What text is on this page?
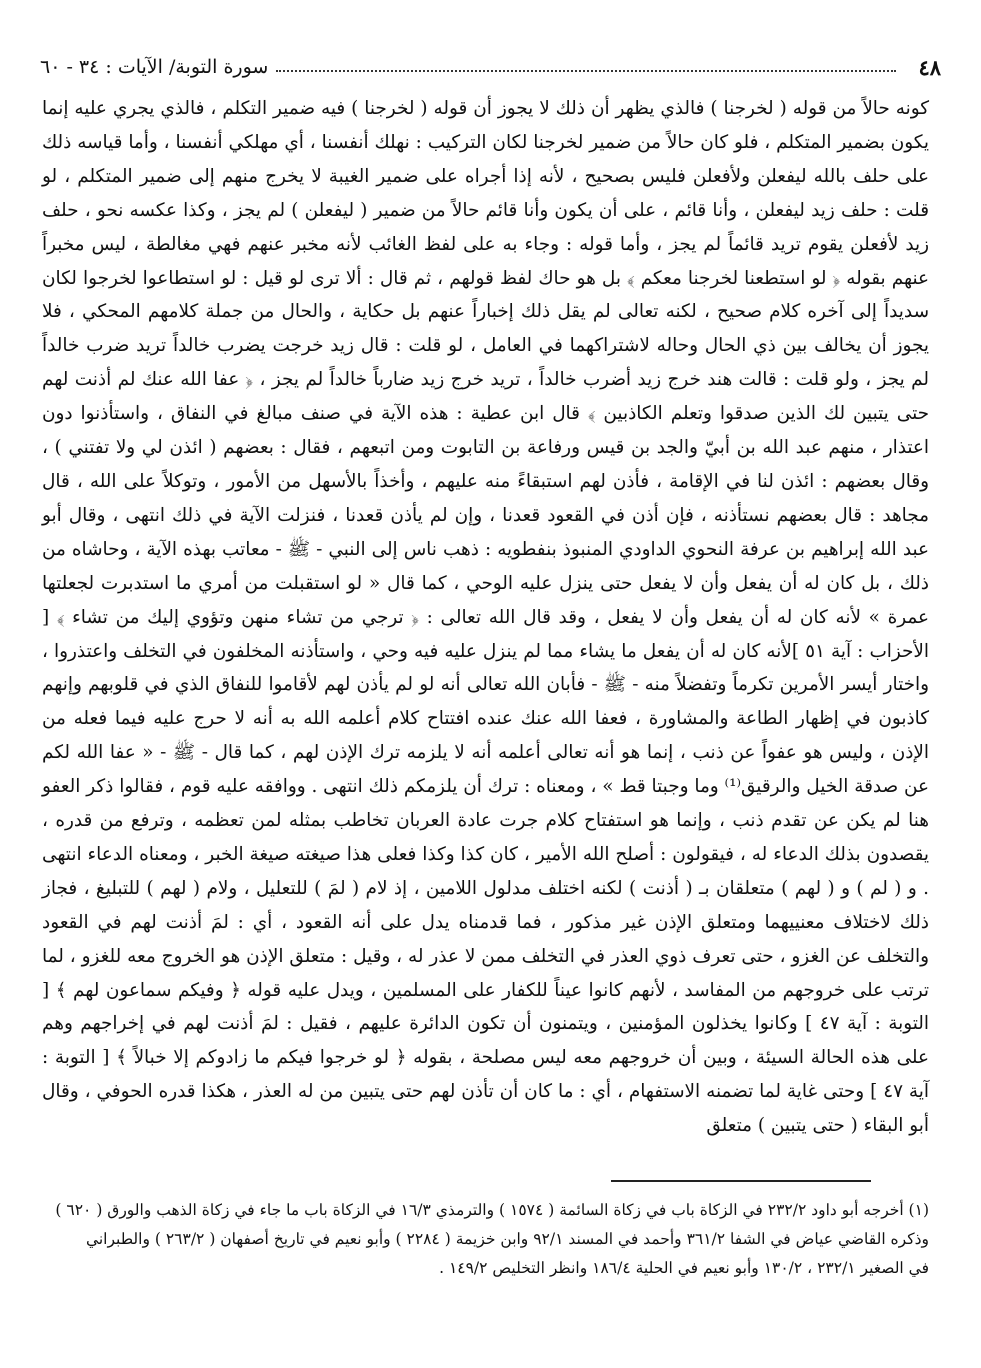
٤٨
سورة التوبة/ الآيات : ٣٤ - ٦٠

كونه حالاً من قوله ( لخرجنا ) فالذي يظهر أن ذلك لا يجوز أن قوله ( لخرجنا ) فيه ضمير التكلم ، فالذي يجري عليه إنما يكون بضمير المتكلم ، فلو كان حالاً من ضمير لخرجنا لكان التركيب : نهلك أنفسنا ، أي مهلكي أنفسنا ، وأما قياسه ذلك على حلف بالله ليفعلن ولأفعلن فليس بصحيح ، لأنه إذا أجراه على ضمير الغيبة لا يخرج منهم إلى ضمير المتكلم ، لو قلت : حلف زيد ليفعلن ، وأنا قائم ، على أن يكون وأنا قائم حالاً من ضمير ( ليفعلن ) لم يجز ، وكذا عكسه نحو ، حلف زيد لأفعلن يقوم تريد قائماً لم يجز ، وأما قوله : وجاء به على لفظ الغائب لأنه مخبر عنهم فهي مغالطة ، ليس مخبراً عنهم بقوله ﴿ لو استطعنا لخرجنا معكم ﴾ بل هو حاك لفظ قولهم ، ثم قال : ألا ترى لو قيل : لو استطاعوا لخرجوا لكان سديداً إلى آخره كلام صحيح ، لكنه تعالى لم يقل ذلك إخباراً عنهم بل حكاية ، والحال من جملة كلامهم المحكي ، فلا يجوز أن يخالف بين ذي الحال وحاله لاشتراكهما في العامل ، لو قلت : قال زيد خرجت يضرب خالداً تريد ضرب خالداً لم يجز ، ولو قلت : قالت هند خرج زيد أضرب خالداً ، تريد خرج زيد ضارباً خالداً لم يجز ، ﴿ عفا الله عنك لم أذنت لهم حتى يتبين لك الذين صدقوا وتعلم الكاذبين ﴾ قال ابن عطية : هذه الآية في صنف مبالغ في النفاق ، واستأذنوا دون اعتذار ، منهم عبد الله بن أبيّ والجد بن قيس ورفاعة بن التابوت ومن اتبعهم ، فقال : بعضهم ( ائذن لي ولا تفتني ) ، وقال بعضهم : ائذن لنا في الإقامة ، فأذن لهم استبقاءً منه عليهم ، وأخذاً بالأسهل من الأمور ، وتوكلاً على الله ، قال مجاهد : قال بعضهم نستأذنه ، فإن أذن في القعود قعدنا ، وإن لم يأذن قعدنا ، فنزلت الآية في ذلك انتهى ، وقال أبو عبد الله إبراهيم بن عرفة النحوي الداودي المنبوذ بنفطويه : ذهب ناس إلى النبي - ﷺ - معاتب بهذه الآية ، وحاشاه من ذلك ، بل كان له أن يفعل وأن لا يفعل حتى ينزل عليه الوحي ، كما قال « لو استقبلت من أمري ما استدبرت لجعلتها عمرة » لأنه كان له أن يفعل وأن لا يفعل ، وقد قال الله تعالى : ﴿ ترجي من تشاء منهن وتؤوي إليك من تشاء ﴾ [ الأحزاب : آية ٥١ ]لأنه كان له أن يفعل ما يشاء مما لم ينزل عليه فيه وحي ، واستأذنه المخلفون في التخلف واعتذروا ، واختار أيسر الأمرين تكرماً وتفضلاً منه - ﷺ - فأبان الله تعالى أنه لو لم يأذن لهم لأقاموا للنفاق الذي في قلوبهم وإنهم كاذبون في إظهار الطاعة والمشاورة ، فعفا الله عنك عنده افتتاح كلام أعلمه الله به أنه لا حرج عليه فيما فعله من الإذن ، وليس هو عفواً عن ذنب ، إنما هو أنه تعالى أعلمه أنه لا يلزمه ترك الإذن لهم ، كما قال - ﷺ - « عفا الله لكم عن صدقة الخيل والرقيق⁽¹⁾ وما وجبتا قط » ، ومعناه : ترك أن يلزمكم ذلك انتهى . ووافقه عليه قوم ، فقالوا ذكر العفو هنا لم يكن عن تقدم ذنب ، وإنما هو استفتاح كلام جرت عادة العربان تخاطب بمثله لمن تعظمه ، وترفع من قدره ، يقصدون بذلك الدعاء له ، فيقولون : أصلح الله الأمير ، كان كذا وكذا فعلى هذا صيغته صيغة الخبر ، ومعناه الدعاء انتهى . و ( لم ) و ( لهم ) متعلقان بـ ( أذنت ) لكنه اختلف مدلول اللامين ، إذ لام ( لمَ ) للتعليل ، ولام ( لهم ) للتبليغ ، فجاز ذلك لاختلاف معنييهما ومتعلق الإذن غير مذكور ، فما قدمناه يدل على أنه القعود ، أي : لمَ أذنت لهم في القعود والتخلف عن الغزو ، حتى تعرف ذوي العذر في التخلف ممن لا عذر له ، وقيل : متعلق الإذن هو الخروج معه للغزو ، لما ترتب على خروجهم من المفاسد ، لأنهم كانوا عيناً للكفار على المسلمين ، ويدل عليه قوله ﴿ وفيكم سماعون لهم ﴾ [ التوبة : آية ٤٧ ] وكانوا يخذلون المؤمنين ، ويتمنون أن تكون الدائرة عليهم ، فقيل : لمَ أذنت لهم في إخراجهم وهم على هذه الحالة السيئة ، وبين أن خروجهم معه ليس مصلحة ، بقوله ﴿ لو خرجوا فيكم ما زادوكم إلا خبالاً ﴾ [ التوبة : آية ٤٧ ] وحتى غاية لما تضمنه الاستفهام ، أي : ما كان أن تأذن لهم حتى يتبين من له العذر ، هكذا قدره الحوفي ، وقال أبو البقاء ( حتى يتبين ) متعلق

(١) أخرجه أبو داود ٢٣٢/٢ في الزكاة باب في زكاة السائمة ( ١٥٧٤ ) والترمذي ١٦/٣ في الزكاة باب ما جاء في زكاة الذهب والورق ( ٦٢٠ )

وذكره القاضي عياض في الشفا ٣٦١/٢ وأحمد في المسند ٩٢/١ وابن خزيمة ( ٢٢٨٤ ) وأبو نعيم في تاريخ أصفهان ( ٢٦٣/٢ ) والطبراني

في الصغير ٢٣٢/١ ، ١٣٠/٢ وأبو نعيم في الحلية ١٨٦/٤ وانظر التخليص ١٤٩/٢ .
